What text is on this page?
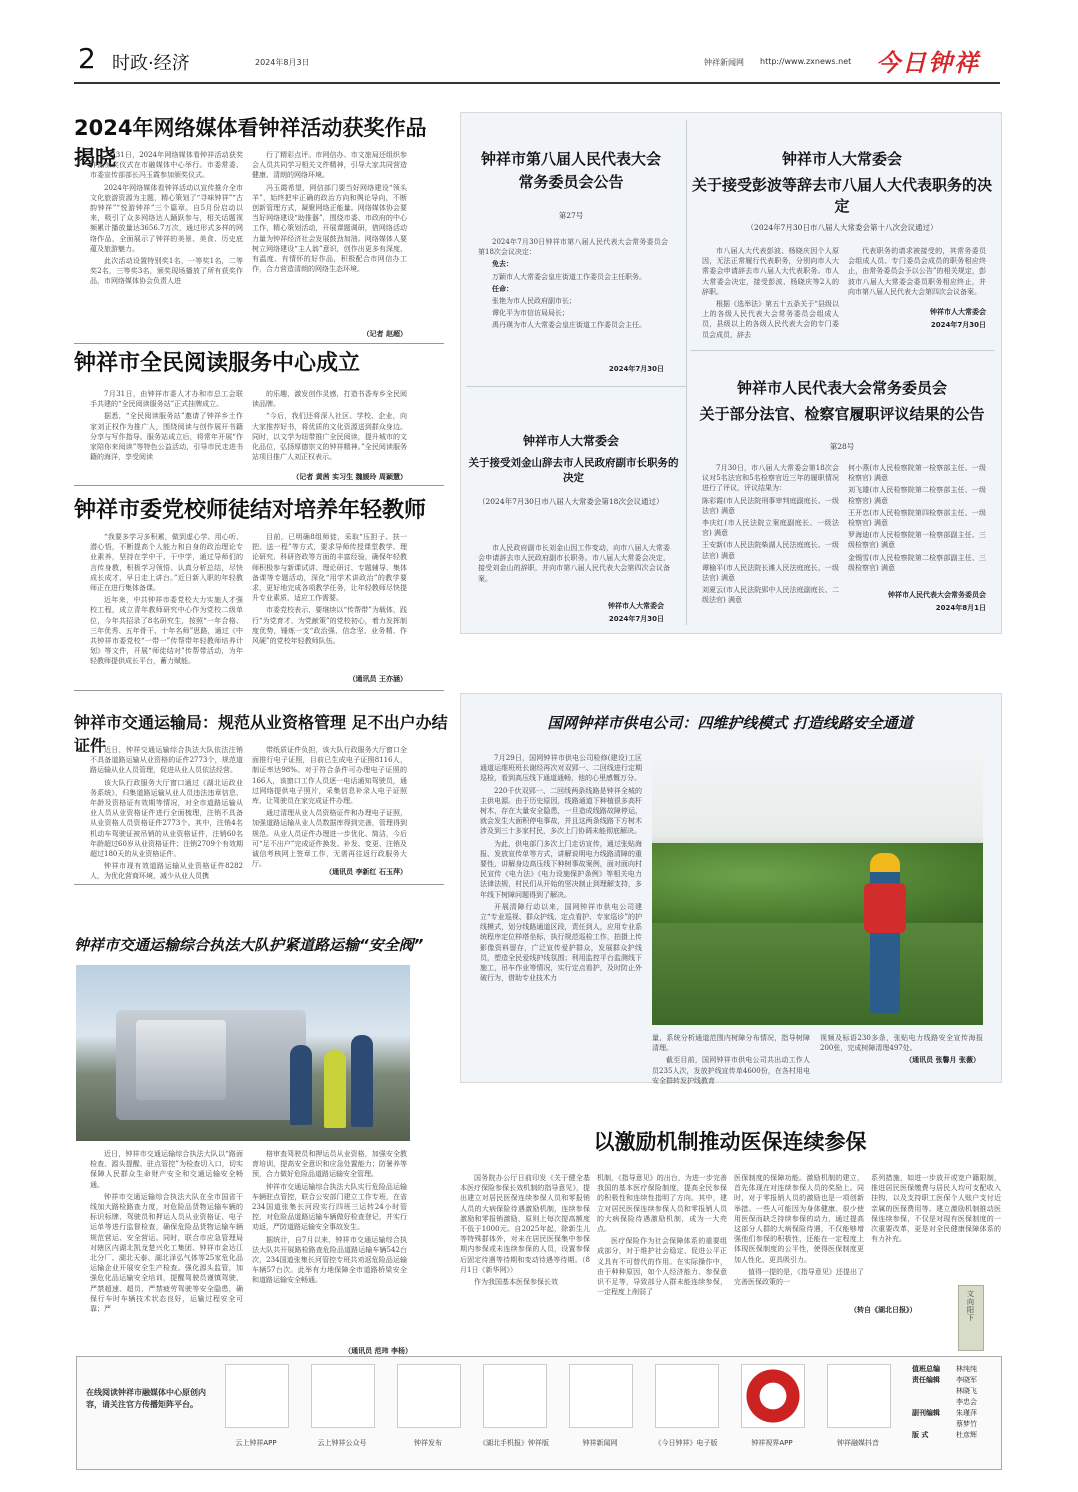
2 时政·经济	2024年8月3日	钟祥新闻网 http://www.zxnews.net 今日钟祥
2024年网络媒体看钟祥活动获奖作品揭晓

7月31日，2024年网络媒体看钟祥活动获奖作品颁奖仪式在市融媒体中心举行。市委常委、市委宣传部部长冯玉霞参加颁奖仪式。

2024年网络媒体看钟祥活动以宣传推介全市文化旅游资源为主题，精心策划了“寻味钟祥”“古韵钟祥”“悦游钟祥”三个篇章。自5月份启动以来，吸引了众多网络达人踊跃参与，相关话题视频累计播放量达3656.7万次，通过形式多样的网络作品，全面展示了钟祥的美景、美食、历史底蕴及旅游魅力。

此次活动设置特别奖1名，一等奖1名，二等奖2名，三等奖3名，颁奖现场播放了所有获奖作品，市网络媒体协会负责人进

行了精彩点评。市网信办、市文旅局还组织参会人员共同学习相关文件精神，引导大家共同营造健康、清朗的网络环境。

冯玉霞希望，网信部门要当好网络建设“领头羊”，始终把牢正确的政治方向和舆论导向，不断创新管理方式，凝聚网络正能量。网络媒体协会要当好网络建设“助推器”，围绕市委、市政府的中心工作，精心策划活动，开展课题调研，借网络活动力量为钟祥经济社会发展鼓劲加油。网络媒体人要树立网络建设“主人翁”意识，创作出更多有深度、有温度、有情怀的好作品，积极配合市网信办工作，合力营造清朗的网络生态环境。

（记者 赵超）
钟祥市全民阅读服务中心成立

7月31日，由钟祥市委人才办和市总工会联手共建的“全民阅读服务站”正式挂牌成立。

据悉，“全民阅读服务站”邀请了钟祥乡土作家刘正权作为推广人，围绕阅读与创作展开书籍分享与写作指导。服务站成立后，将常年开展“作家陪你来阅读”等特色公益活动，引导市民走进书籍的海洋，享受阅读

的乐趣，激发创作灵感，打造书香寿乡全民阅读品牌。

“今后，我们还将深入社区、学校、企业，向大家推荐好书，将优质的文化资源送到群众身边。同时，以文学为纽带推广全民阅读，提升城市的文化品位，弘扬厚德崇文的钟祥精神。”全民阅读服务站项目推广人刘正权表示。

（记者 黄茜 实习生 魏媛玲 周颖慧）
钟祥市委党校师徒结对培养年轻教师

“我要多学习多积累，做到虚心学、用心听、潜心悟，不断提高个人能力和自身的政治理论专业素养，坚持在学中干、干中学，通过导师们的言传身教，积极学习领悟、认真分析总结，尽快成长成才，早日走上讲台。”近日新入职的年轻教师正在进行集体备课。

近年来，中共钟祥市委党校大力实施人才强校工程，成立青年教师研究中心作为党校二级单位，今年共招录了8名研究生，按照“一年合格、三年优秀、五年骨干、十年名师”思路，通过《中共钟祥市委党校“一带一”传帮带年轻教师培养计划》等文件，开展“师徒结对”传帮带活动，为年轻教师提供成长平台，蓄力赋能。

目前，已明确8组师徒，采取“压担子、扶一把、送一程”等方式，要求导师传授课堂教学、理论研究、科研咨政等方面的丰富经验，确保年轻教师积极参与新课试讲、理论研讨、专题辅导、集体备课等专题活动，深化“用学术讲政治”的教学要求，更好地完成各项教学任务，让年轻教师尽快提升专业素质，适应工作需要。

市委党校表示，要继续以“传帮带”为载体，践行“为党育才、为党献策”的党校初心，着力发挥制度优势，锤炼一支“政治强、信念坚、业务精、作风硬”的党校年轻教师队伍。

（通讯员 王亦涵）
钟祥市交通运输局：规范从业资格管理 足不出户办结证件

近日，钟祥交通运输综合执法大队依法注销不具备道路运输从业资格的证件2773个，规范道路运输从业人员管理，促进从业人员依法经营。

该大队行政服务大厅窗口通过《湖北运政业务系统》，归集道路运输从业人员违法违章信息、年龄及资格证有效期等情况，对全市道路运输从业人员从业资格证件进行全面梳理，注销不具备从业资格人员资格证件2773个。其中，注销4名机动车驾驶证被吊销的从业资格证件，注销60名年龄超过60岁从业资格证件；注销2709个有效期超过180天的从业资格证件。

钟祥市现有效道路运输从业资格证件8282人，为优化营商环境，减少从业人员携

带纸质证件负担，该大队行政服务大厅窗口全面推行电子证照，目前已生成电子证照8116人，制证率达98%。对于符合条件可办理电子证照的166人，该窗口工作人员逐一电话通知驾驶员，通过网络提供电子照片，采集信息补录人电子证照库，让驾驶员在家完成证件办理。

通过清理从业人员资格证件和办理电子证照，加强道路运输从业人员数据库得到完善，管理得到规范。从业人员证件办理进一步优化、简洁，今后可“足不出户”完成证件换发、补发、变更、注销及诚信考核网上签章工作，无需再往返行政服务大厅。

（通讯员 李新红 石玉萍）
钟祥市交通运输综合执法大队护紧道路运输“安全阀”

近日，钟祥市交通运输综合执法大队以“路面检查、源头提醒、驻点管控”为检查切入口，切实保障人民群众生命财产安全和交通运输安全畅通。

钟祥市交通运输综合执法大队在全市国省干线加大路检路查力度，对危险品货物运输车辆的标识标牌、驾驶员和押运人员从业资格证、电子运单等进行监督检查，确保危险品货物运输车辆规范营运、安全营运。同时，联合市应急管理局对辖区内湖北凯龙楚兴化工集团、钟祥市金达江北分厂、湖北天泰、湖北泽弘气体等25家危化品运输企业开展安全生产检查。强化源头监管，加强危化品运输安全培训，提醒驾驶员谨慎驾驶，严禁超速、超员，严禁疲劳驾驶等安全隐患，确保行车时车辆技术状态良好，运输过程安全可靠；严

格审查驾驶员和押运员从业资格，加强安全教育培训，提高安全意识和应急处置能力；防暑养等预，合力做好危险品道路运输安全管理。

钟祥市交通运输综合执法大队实行危险品运输车辆驻点管控，联合公安部门建立工作专班，在省234国道张集长河段实行四班三运转24小时管控，对危险品道路运输车辆做好检查登记，并实行劝返，严防道路运输安全事故发生。

据统计，自7月以来，钟祥市交通运输综合执法大队共开展路检路查危险品道路运输车辆542台次，234国道张集长河管控专班共劝返危险品运输车辆57台次。此举有力地保障全市道路桥梁安全和道路运输安全畅通。

（通讯员 范玮 李杨）
钟祥市第八届人民代表大会
常务委员会公告
第27号

2024年7月30日钟祥市第八届人民代表大会常务委员会第18次会议决定：

免去：

万颖市人大常委会皇庄街道工作委员会主任职务。

任命：

张艳为市人民政府副市长；

谭化平为市信访局局长；

禹丹瑛为市人大常委会皇庄街道工作委员会主任。

2024年7月30日
钟祥市人大常委会
关于接受刘金山辞去市人民政府副市长职务的决定
（2024年7月30日市八届人大常委会第18次会议通过）

市人民政府副市长刘金山因工作变动，向市八届人大常委会申请辞去市人民政府副市长职务。市八届人大常委会决定，接受刘金山的辞职，并向市第八届人民代表大会第四次会议备案。

钟祥市人大常委会
2024年7月30日
钟祥市人大常委会
关于接受彭波等辞去市八届人大代表职务的决定
（2024年7月30日市八届人大常委会第十八次会议通过）

市八届人大代表彭波、杨晓庆因个人原因，无法正常履行代表职务，分别向市人大常委会申请辞去市八届人大代表职务。市人大常委会决定，接受彭波、杨晓庆等2人的辞职。

根据《选举法》第五十五条关于“县级以上的各级人民代表大会常务委员会组成人员，县级以上的各级人民代表大会的专门委员会成员，辞去

代表职务的请求被接受的，其常务委员会组成人员、专门委员会成员的职务相应终止，由常务委员会予以公告”的相关规定，彭波市八届人大常委会委员职务相应终止，并向市第八届人民代表大会第四次会议备案。

钟祥市人大常委会
2024年7月30日
钟祥市人民代表大会常务委员会
关于部分法官、检察官履职评议结果的公告
第28号

7月30日，市八届人大常委会第18次会议对5名法官和5名检察官近三年的履职情况进行了评议，评议结果为：

陈彩霞(市人民法院刑事审判庭副庭长、一级法官) 满意

李庆红(市人民法院立案庭副庭长、一级法官) 满意

王安新(市人民法院柴湖人民法庭庭长、一级法官) 满意

谭榆平(市人民法院长滩人民法庭庭长、一级法官) 满意

刘夏云(市人民法院郢中人民法庭副庭长、二级法官) 满意

何小燕(市人民检察院第一检察部主任、一级检察官) 满意

刘飞雄(市人民检察院第二检察部主任、一级检察官) 满意

王开忠(市人民检察院第四检察部主任、一级检察官) 满意

罗海迪(市人民检察院第一检察部副主任、三级检察官) 满意

金锡雪(市人民检察院第二检察部副主任、三级检察官) 满意

钟祥市人民代表大会常务委员会
2024年8月1日
国网钟祥市供电公司：四维护线模式 打造线路安全通道

7月29日，国网钟祥市供电公司检修(建设)工区通道运维班班长谢经再次对双郢一、二回线进行定期巡检，看到高压线下通道通畅，他的心里感慨万分。

220千伏双郢一、二回线两条线路是钟祥全城的主供电源。由于历史原因，线路通道下种植很多高杆树木，存在大量安全隐患，一旦造成线路故障停运，就会发生大面积停电事故，并且这两条线路下方树木涉及到三十多家村民，多次上门协调未能彻底解决。

为此，供电部门多次上门走访宣传，通过张贴海报、发放宣传单等方式，讲解说明电力线路清障的重要性，讲解身边高压线下种树事故案例，面对面向村民宣传《电力法》《电力设施保护条例》等相关电力法律法规，村民们从开始的坚决制止到理解支持，多年线下树障问题得到了解决。

开展清障行动以来，国网钟祥市供电公司建立“专业巡视、群众护线、定点看护、专家巡诊”的护线模式，划分线路通道区段，责任到人，应用专业系统程序定位样塔坐标，执行规范巡检工作，拍摄上传影像资料留存，广泛宣传爱护群众，发展群众护线员，塑造全民爱线护线氛围；利用监控平台监测线下施工，吊车作业等情况，实行定点看护，及时防止外破行为，借助专业技术力

量，系统分析通道范围内树障分布情况，指导树障清理。

截至目前，国网钟祥市供电公司共出动工作人员235人次，发放护线宣传单4600份，在各村用电安全群转发护线教育

视频及标语230多条，张贴电力线路安全宣传海报200张，完成树障清理497处。

（通讯员 张馨月 张薇）
以激励机制推动医保连续参保

国务院办公厅日前印发《关于健全基本医疗保险参保长效机制的指导意见》，提出建立对居民医保连续参保人员和零报销人员的大病保险待遇激励机制，连续参保激励和零报销激励，原则上每次提高额度不低于1000元。自2025年起，除新生儿等特殊群体外，对未在居民医保集中参保期内参保或未连续参保的人员，设置参保后固定待遇等待期和变动待遇等待期。（8月1日《新华网》）

作为我国基本医保参保长效

机制，《指导意见》的出台，为进一步完善我国的基本医疗保险制度，提高全民参保的积极性和连续性指明了方向。其中，建立对居民医保连续参保人员和零报销人员的大病保险待遇激励机制，成为一大亮点。

医疗保险作为社会保障体系的重要组成部分，对于维护社会稳定、促进公平正义具有不可替代的作用。在实际操作中，由于种种原因，如个人经济能力、参保意识不足等，导致部分人群未能连续参保，一定程度上削弱了

医保制度的保障功能。激励机制的建立，首先体现在对连续参保人员的奖励上。同时，对于零报销人员的激励也是一项创新举措。一些人可能因为身体健康、很少使用医保而缺乏持续参保的动力，通过提高这部分人群的大病保险待遇，不仅能够增强他们参保的积极性，还能在一定程度上体现医保制度的公平性，使得医保制度更加人性化、更具吸引力。

值得一提的是，《指导意见》还提出了完善医保政策的一

系列措施，如进一步放开或宽户籍限制，推进居民医保缴费与居民人均可支配收入挂钩，以及支持职工医保个人账户支付近亲属的医保费用等。建立激励机制推动医保连续参保，不仅是对现有医保制度的一次重要改革，更是对全民健康保障体系的有力补充。

（转自《湖北日报》）
文 向 阳 下
在线阅读钟祥市融媒体中心原创内容，请关注官方传播矩阵平台。
云上钟祥APP	云上钟祥公众号	钟祥发布	《湖北手机报》钟祥版	钟祥新闻网	《今日钟祥》电子版	钟祥视界APP	钟祥融媒抖音
值班总编 林纯纯
责任编辑 李晓军
林晓飞
李忠会
副刊编辑 朱瑾萍
蔡梦竹
版 式	杜彦辉
